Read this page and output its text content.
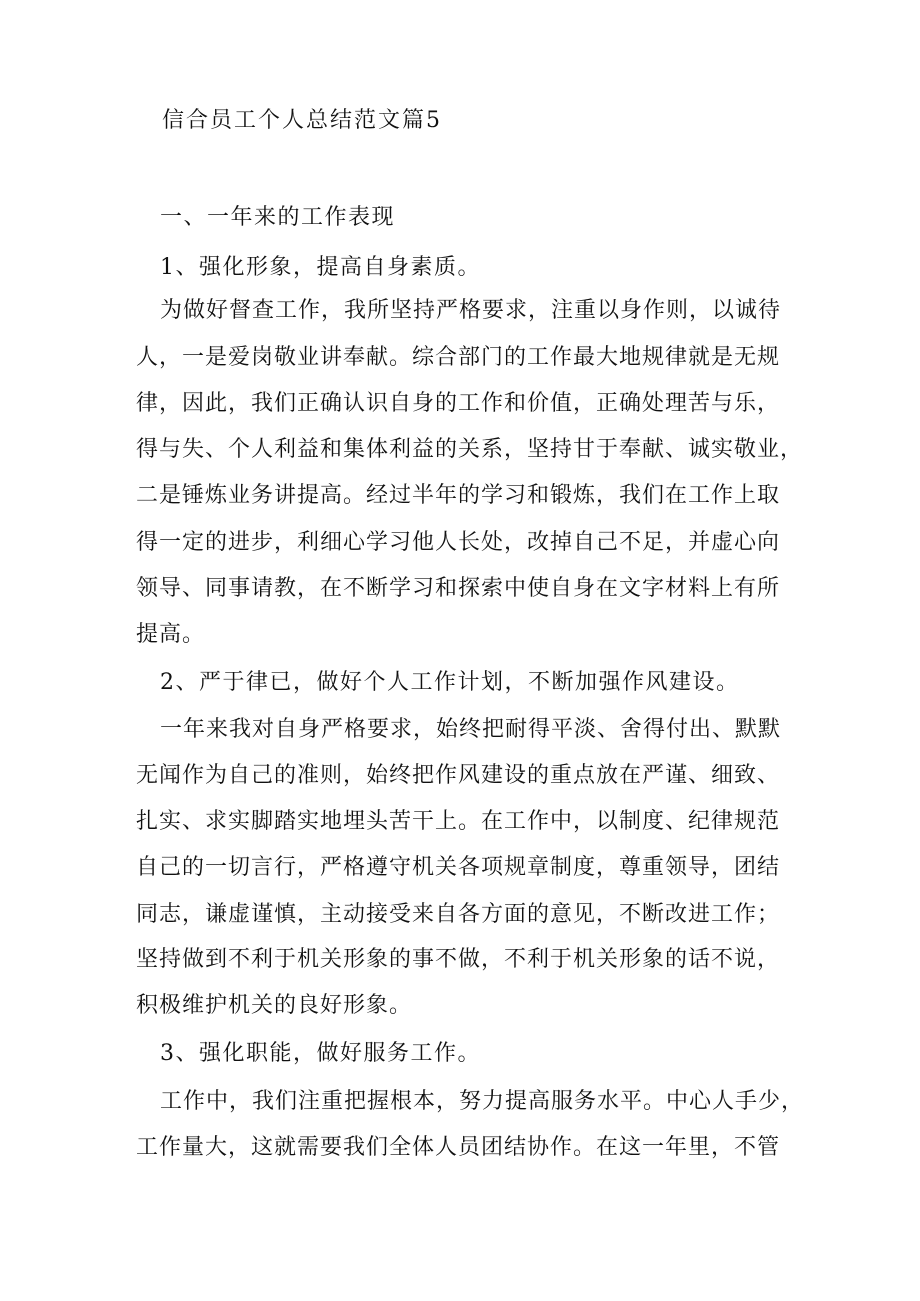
信合员工个人总结范文篇5

一、一年来的工作表现

1、强化形象，提高自身素质。

为做好督查工作，我所坚持严格要求，注重以身作则，以诚待

人，一是爱岗敬业讲奉献。综合部门的工作最大地规律就是无规

律，因此，我们正确认识自身的工作和价值，正确处理苦与乐，

得与失、个人利益和集体利益的关系，坚持甘于奉献、诚实敬业，

二是锤炼业务讲提高。经过半年的学习和锻炼，我们在工作上取

得一定的进步，利细心学习他人长处，改掉自己不足，并虚心向

领导、同事请教，在不断学习和探索中使自身在文字材料上有所

提高。

2、严于律已，做好个人工作计划，不断加强作风建设。

一年来我对自身严格要求，始终把耐得平淡、舍得付出、默默

无闻作为自己的准则，始终把作风建设的重点放在严谨、细致、

扎实、求实脚踏实地埋头苦干上。在工作中，以制度、纪律规范

自己的一切言行，严格遵守机关各项规章制度，尊重领导，团结

同志，谦虚谨慎，主动接受来自各方面的意见，不断改进工作；

坚持做到不利于机关形象的事不做，不利于机关形象的话不说，

积极维护机关的良好形象。

3、强化职能，做好服务工作。

工作中，我们注重把握根本，努力提高服务水平。中心人手少，

工作量大，这就需要我们全体人员团结协作。在这一年里，不管
